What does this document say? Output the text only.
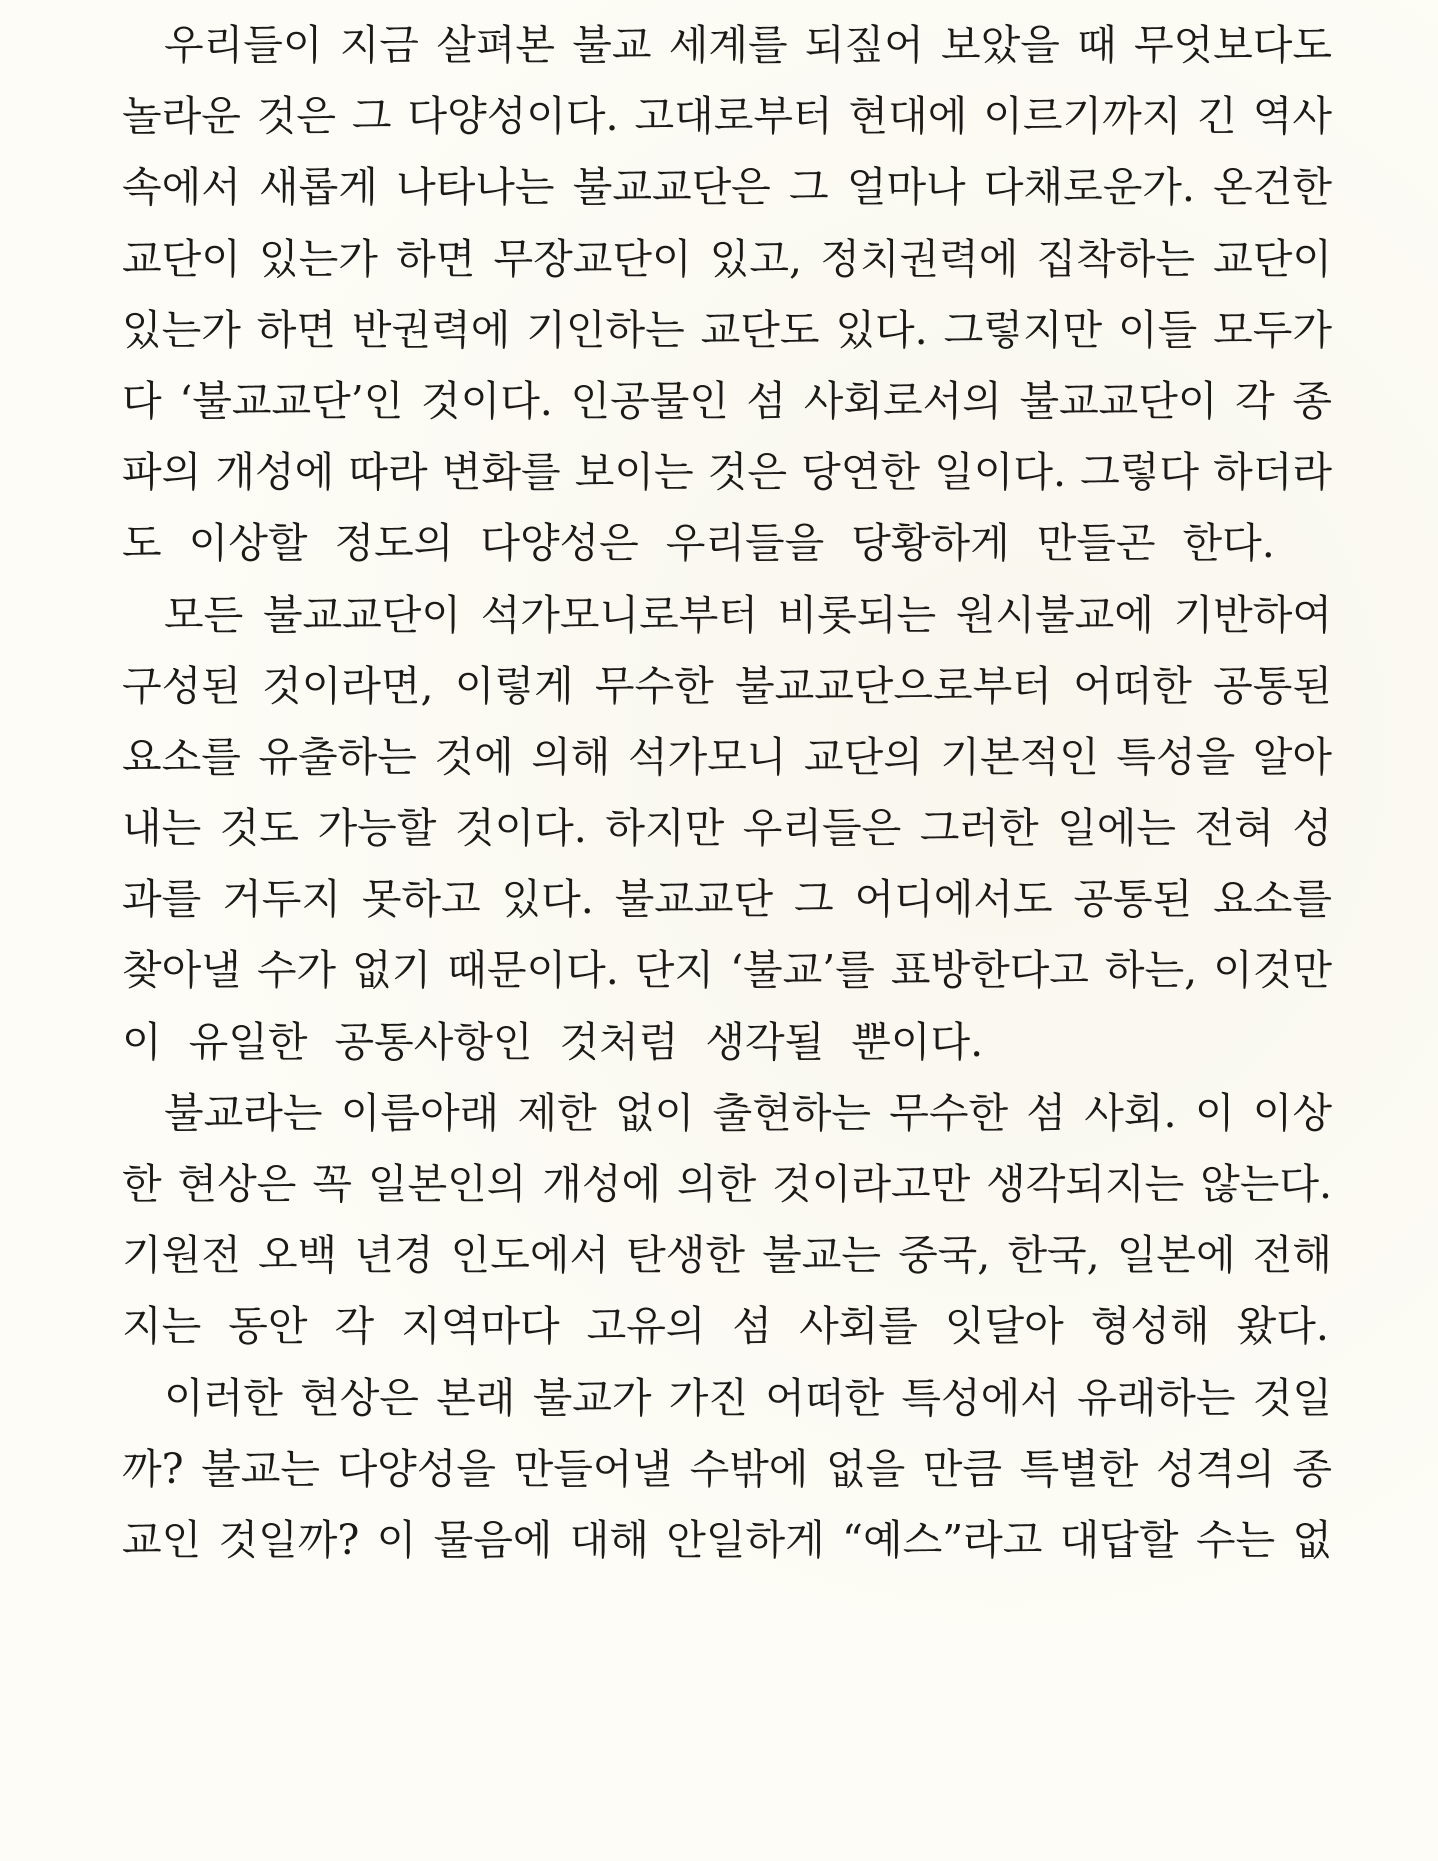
우리들이 지금 살펴본 불교 세계를 되짚어 보았을 때 무엇보다도
놀라운 것은 그 다양성이다. 고대로부터 현대에 이르기까지 긴 역사
속에서 새롭게 나타나는 불교교단은 그 얼마나 다채로운가. 온건한
교단이 있는가 하면 무장교단이 있고, 정치권력에 집착하는 교단이
있는가 하면 반권력에 기인하는 교단도 있다. 그렇지만 이들 모두가
다 ‘불교교단’인 것이다. 인공물인 섬 사회로서의 불교교단이 각 종
파의 개성에 따라 변화를 보이는 것은 당연한 일이다. 그렇다 하더라
도 이상할 정도의 다양성은 우리들을 당황하게 만들곤 한다.
모든 불교교단이 석가모니로부터 비롯되는 원시불교에 기반하여
구성된 것이라면, 이렇게 무수한 불교교단으로부터 어떠한 공통된
요소를 유출하는 것에 의해 석가모니 교단의 기본적인 특성을 알아
내는 것도 가능할 것이다. 하지만 우리들은 그러한 일에는 전혀 성
과를 거두지 못하고 있다. 불교교단 그 어디에서도 공통된 요소를
찾아낼 수가 없기 때문이다. 단지 ‘불교’를 표방한다고 하는, 이것만
이 유일한 공통사항인 것처럼 생각될 뿐이다.
불교라는 이름아래 제한 없이 출현하는 무수한 섬 사회. 이 이상
한 현상은 꼭 일본인의 개성에 의한 것이라고만 생각되지는 않는다.
기원전 오백 년경 인도에서 탄생한 불교는 중국, 한국, 일본에 전해
지는 동안 각 지역마다 고유의 섬 사회를 잇달아 형성해 왔다.
이러한 현상은 본래 불교가 가진 어떠한 특성에서 유래하는 것일
까? 불교는 다양성을 만들어낼 수밖에 없을 만큼 특별한 성격의 종
교인 것일까? 이 물음에 대해 안일하게 “예스”라고 대답할 수는 없
